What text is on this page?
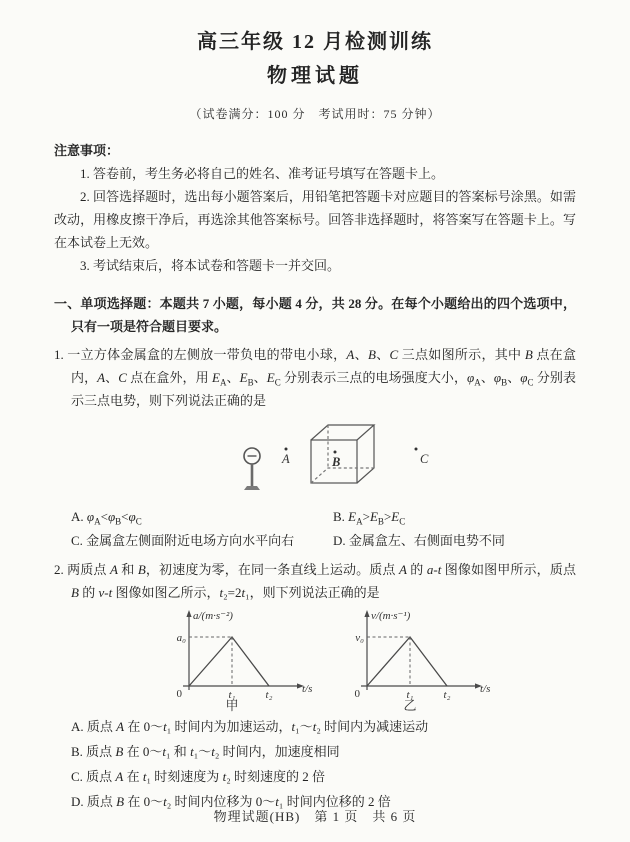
高三年级 12 月检测训练
物理试题

（试卷满分：100 分　考试用时：75 分钟）

注意事项：

1. 答卷前，考生务必将自己的姓名、准考证号填写在答题卡上。

2. 回答选择题时，选出每小题答案后，用铅笔把答题卡对应题目的答案标号涂黑。如需改动，用橡皮擦干净后，再选涂其他答案标号。回答非选择题时，将答案写在答题卡上。写在本试卷上无效。

3. 考试结束后，将本试卷和答题卡一并交回。

一、单项选择题：本题共 7 小题，每小题 4 分，共 28 分。在每个小题给出的四个选项中，只有一项是符合题目要求。

1. 一立方体金属盒的左侧放一带负电的带电小球，A、B、C 三点如图所示，其中 B 点在盒内，A、C 点在盒外，用 $E_A$、$E_B$、$E_C$ 分别表示三点的电场强度大小，$\varphi_A$、$\varphi_B$、$\varphi_C$ 分别表示三点电势，则下列说法正确的是

A	B	C
A. $\varphi_A<\varphi_B<\varphi_C$	B. $E_A>E_B>E_C$
C. 金属盒左侧面附近电场方向水平向右	D. 金属盒左、右侧面电势不同

2. 两质点 A 和 B，初速度为零，在同一条直线上运动。质点 A 的 a-t 图像如图甲所示，质点 B 的 v-t 图像如图乙所示，t₂=2t₁，则下列说法正确的是

a/(m·s⁻²)
a₀
0	t₁	t₂	t/s
甲
v/(m·s⁻¹)
v₀
0	t₁	t₂	t/s
乙
A. 质点 A 在 0～t₁ 时间内为加速运动，t₁～t₂ 时间内为减速运动
B. 质点 B 在 0～t₁ 和 t₁～t₂ 时间内，加速度相同
C. 质点 A 在 t₁ 时刻速度为 t₂ 时刻速度的 2 倍
D. 质点 B 在 0～t₂ 时间内位移为 0～t₁ 时间内位移的 2 倍
物理试题(HB)　第 1 页　共 6 页
